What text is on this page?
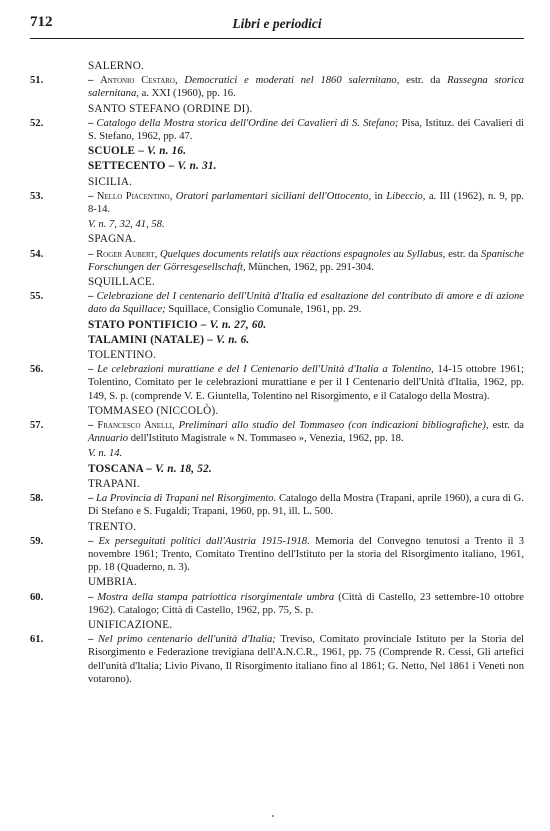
712	Libri e periodici
SALERNO.
51.	– Antonio Cestaro, Democratici e moderati nel 1860 salernitano, estr. da Rassegna storica salernitana, a. XXI (1960), pp. 16.
SANTO STEFANO (ORDINE DI).
52.	– Catalogo della Mostra storica dell'Ordine dei Cavalieri di S. Stefano; Pisa, Istituz. dei Cavalieri di S. Stefano, 1962, pp. 47.
SCUOLE – V. n. 16.
SETTECENTO – V. n. 31.
SICILIA.
53.	– Nello Piacentino, Oratori parlamentari siciliani dell'Ottocento, in Libeccio, a. III (1962), n. 9, pp. 8-14.
V. n. 7, 32, 41, 58.
SPAGNA.
54.	– Roger Aubert, Quelques documents relatifs aux réactions espagnoles au Syllabus, estr. da Spanische Forschungen der Görresgesellschaft, München, 1962, pp. 291-304.
SQUILLACE.
55.	– Celebrazione del I centenario dell'Unità d'Italia ed esaltazione del contributo di amore e di azione dato da Squillace; Squillace, Consiglio Comunale, 1961, pp. 29.
STATO PONTIFICIO – V. n. 27, 60.
TALAMINI (NATALE) – V. n. 6.
TOLENTINO.
56.	– Le celebrazioni murattiane e del I Centenario dell'Unità d'Italia a Tolentino, 14-15 ottobre 1961; Tolentino, Comitato per le celebrazioni murattiane e per il I Centenario dell'Unità d'Italia, 1962, pp. 149, S. p. (comprende V. E. Giuntella, Tolentino nel Risorgimento, e il Catalogo della Mostra).
TOMMASEO (NICCOLÒ).
57.	– Francesco Anelli, Preliminari allo studio del Tommaseo (con indicazioni bibliografiche), estr. da Annuario dell'Istituto Magistrale « N. Tommaseo », Venezia, 1962, pp. 18.
V. n. 14.
TOSCANA – V. n. 18, 52.
TRAPANI.
58.	– La Provincia di Trapani nel Risorgimento. Catalogo della Mostra (Trapani, aprile 1960), a cura di G. Di Stefano e S. Fugaldi; Trapani, 1960, pp. 91, ill. L. 500.
TRENTO.
59.	– Ex perseguitati politici dall'Austria 1915-1918. Memoria del Convegno tenutosi a Trento il 3 novembre 1961; Trento, Comitato Trentino dell'Istituto per la storia del Risorgimento italiano, 1961, pp. 18 (Quaderno, n. 3).
UMBRIA.
60.	– Mostra della stampa patriottica risorgimentale umbra (Città di Castello, 23 settembre-10 ottobre 1962). Catalogo; Città di Castello, 1962, pp. 75, S. p.
UNIFICAZIONE.
61.	– Nel primo centenario dell'unità d'Italia; Treviso, Comitato provinciale Istituto per la Storia del Risorgimento e Federazione trevigiana dell'A.N.C.R., 1961, pp. 75 (Comprende R. Cessi, Gli artefici dell'unità d'Italia; Livio Pivano, Il Risorgimento italiano fino al 1861; G. Netto, Nel 1861 i Veneti non votarono).
